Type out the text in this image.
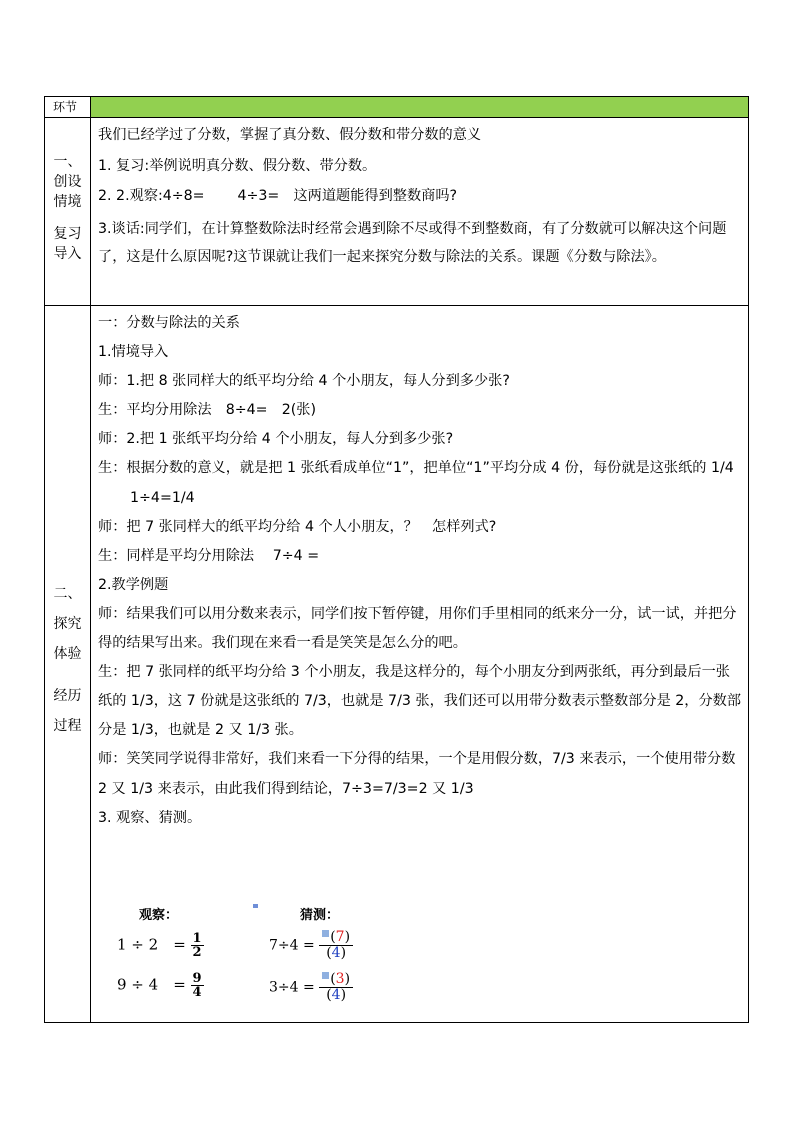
环节
一、
创设
情境
复习
导入

我们已经学过了分数，掌握了真分数、假分数和带分数的意义

1. 复习:举例说明真分数、假分数、带分数。

2. 2.观察:4÷8=　　 4÷3=　这两道题能得到整数商吗?

3.谈话:同学们，在计算整数除法时经常会遇到除不尽或得不到整数商，有了分数就可以解决这个问题了，这是什么原因呢?这节课就让我们一起来探究分数与除法的关系。课题《分数与除法》。

二、
探究
体验
经历
过程

一：分数与除法的关系

1.情境导入

师：1.把 8 张同样大的纸平均分给 4 个小朋友，每人分到多少张?

生：平均分用除法　8÷4=　2(张)

师：2.把 1 张纸平均分给 4 个小朋友，每人分到多少张?

生：根据分数的意义，就是把 1 张纸看成单位“1”，把单位“1”平均分成 4 份，每份就是这张纸的 1/4

1÷4=1/4

师：把 7 张同样大的纸平均分给 4 个人小朋友，？　怎样列式?

生：同样是平均分用除法　 7÷4 =

2.教学例题

师：结果我们可以用分数来表示，同学们按下暂停键，用你们手里相同的纸来分一分，试一试，并把分得的结果写出来。我们现在来看一看是笑笑是怎么分的吧。

生：把 7 张同样的纸平均分给 3 个小朋友，我是这样分的，每个小朋友分到两张纸，再分到最后一张纸的 1/3，这 7 份就是这张纸的 7/3，也就是 7/3 张，我们还可以用带分数表示整数部分是 2，分数部分是 1/3，也就是 2 又 1/3 张。

师：笑笑同学说得非常好，我们来看一下分得的结果，一个是用假分数，7/3 来表示，一个使用带分数 2 又 1/3 来表示，由此我们得到结论，7÷3=7/3=2 又 1/3

3. 观察、猜测。

观察：	猜测：
1 ÷ 2　= $\frac{1}{2}$
9 ÷ 4　= $\frac{9}{4}$
$7\div 4 = \frac{(7)}{(4)}$
$3\div 4 = \frac{(3)}{(4)}$
